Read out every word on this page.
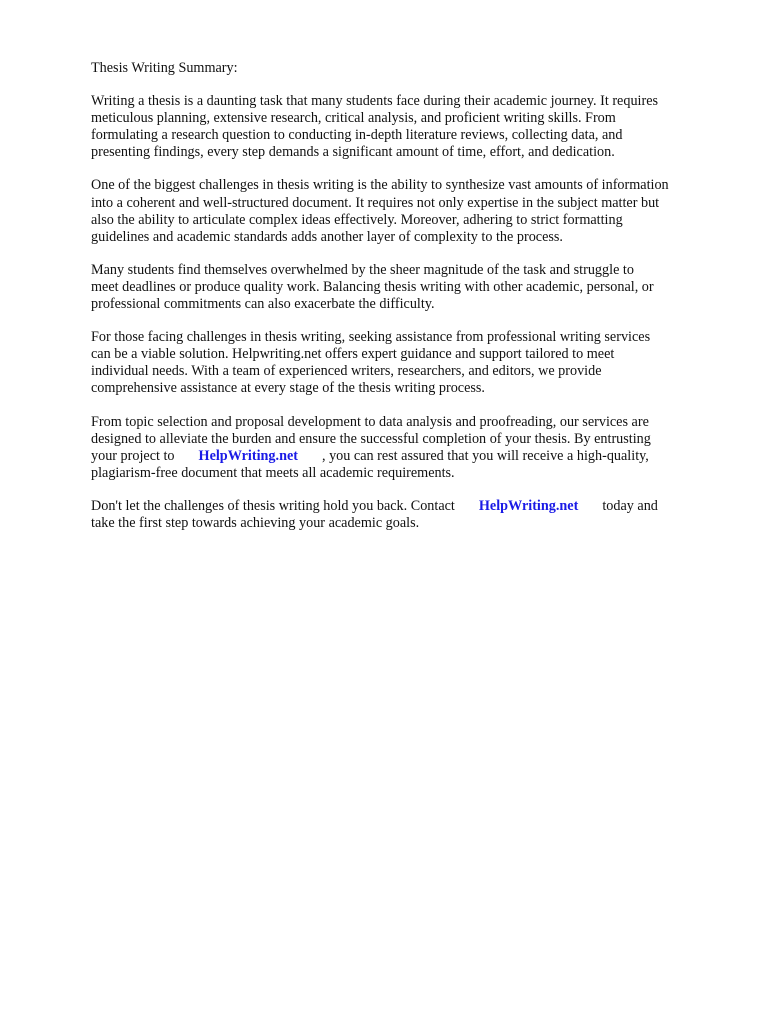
Thesis Writing Summary:
Writing a thesis is a daunting task that many students face during their academic journey. It requires
meticulous planning, extensive research, critical analysis, and proficient writing skills. From
formulating a research question to conducting in-depth literature reviews, collecting data, and
presenting findings, every step demands a significant amount of time, effort, and dedication.
One of the biggest challenges in thesis writing is the ability to synthesize vast amounts of information
into a coherent and well-structured document. It requires not only expertise in the subject matter but
also the ability to articulate complex ideas effectively. Moreover, adhering to strict formatting
guidelines and academic standards adds another layer of complexity to the process.
Many students find themselves overwhelmed by the sheer magnitude of the task and struggle to
meet deadlines or produce quality work. Balancing thesis writing with other academic, personal, or
professional commitments can also exacerbate the difficulty.
For those facing challenges in thesis writing, seeking assistance from professional writing services
can be a viable solution. Helpwriting.net offers expert guidance and support tailored to meet
individual needs. With a team of experienced writers, researchers, and editors, we provide
comprehensive assistance at every stage of the thesis writing process.
From topic selection and proposal development to data analysis and proofreading, our services are
designed to alleviate the burden and ensure the successful completion of your thesis. By entrusting
your project to HelpWriting.net , you can rest assured that you will receive a high-quality,
plagiarism-free document that meets all academic requirements.
Don't let the challenges of thesis writing hold you back. Contact HelpWriting.net today and
take the first step towards achieving your academic goals.
